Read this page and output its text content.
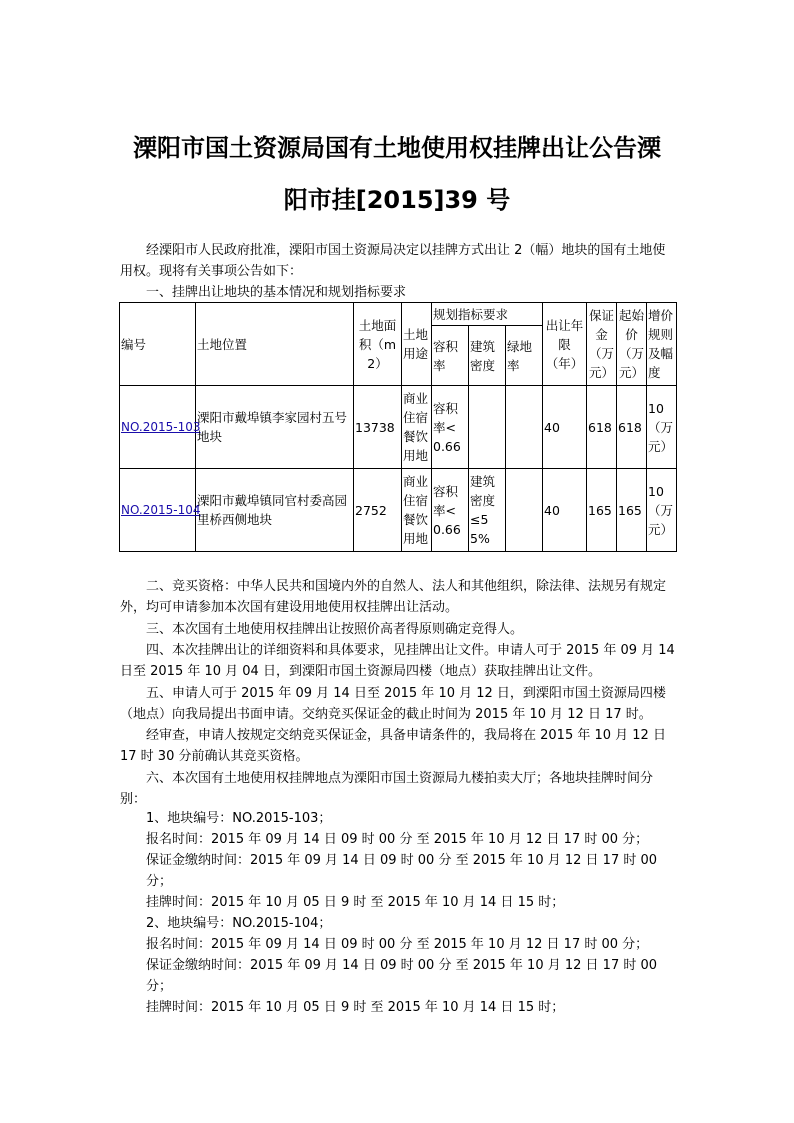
溧阳市国土资源局国有土地使用权挂牌出让公告溧
阳市挂[2015]39 号

经溧阳市人民政府批准，溧阳市国土资源局决定以挂牌方式出让 2（幅）地块的国有土地使用权。现将有关事项公告如下：

一、挂牌出让地块的基本情况和规划指标要求
编号	土地位置	土地面积（m2）	土地用途	规划指标要求			出让年限（年）	保证金（万元）	起始价（万元）	增价规则及幅度
				容积率	建筑密度	绿地率				
NO.2015-103	溧阳市戴埠镇李家园村五号地块	13738	商业住宿餐饮用地	容积率<0.66			40	618	618	10（万元）
NO.2015-104	溧阳市戴埠镇同官村委高园里桥西侧地块	2752	商业住宿餐饮用地	容积率<0.66	建筑密度≤55%		40	165	165	10（万元）

二、竞买资格：中华人民共和国境内外的自然人、法人和其他组织，除法律、法规另有规定外，均可申请参加本次国有建设用地使用权挂牌出让活动。

三、本次国有土地使用权挂牌出让按照价高者得原则确定竞得人。

四、本次挂牌出让的详细资料和具体要求，见挂牌出让文件。申请人可于 2015 年 09 月 14 日至 2015 年 10 月 04 日，到溧阳市国土资源局四楼（地点）获取挂牌出让文件。

五、申请人可于 2015 年 09 月 14 日至 2015 年 10 月 12 日，到溧阳市国土资源局四楼（地点）向我局提出书面申请。交纳竞买保证金的截止时间为 2015 年 10 月 12 日 17 时。

经审查，申请人按规定交纳竞买保证金，具备申请条件的，我局将在 2015 年 10 月 12 日 17 时 30 分前确认其竞买资格。

六、本次国有土地使用权挂牌地点为溧阳市国土资源局九楼拍卖大厅；各地块挂牌时间分别：

1、地块编号：NO.2015-103；
报名时间：2015 年 09 月 14 日 09 时 00 分 至 2015 年 10 月 12 日 17 时 00 分；
保证金缴纳时间：2015 年 09 月 14 日 09 时 00 分 至 2015 年 10 月 12 日 17 时 00
分；
挂牌时间：2015 年 10 月 05 日 9 时 至 2015 年 10 月 14 日 15 时；
2、地块编号：NO.2015-104；
报名时间：2015 年 09 月 14 日 09 时 00 分 至 2015 年 10 月 12 日 17 时 00 分；
保证金缴纳时间：2015 年 09 月 14 日 09 时 00 分 至 2015 年 10 月 12 日 17 时 00
分；
挂牌时间：2015 年 10 月 05 日 9 时 至 2015 年 10 月 14 日 15 时；
